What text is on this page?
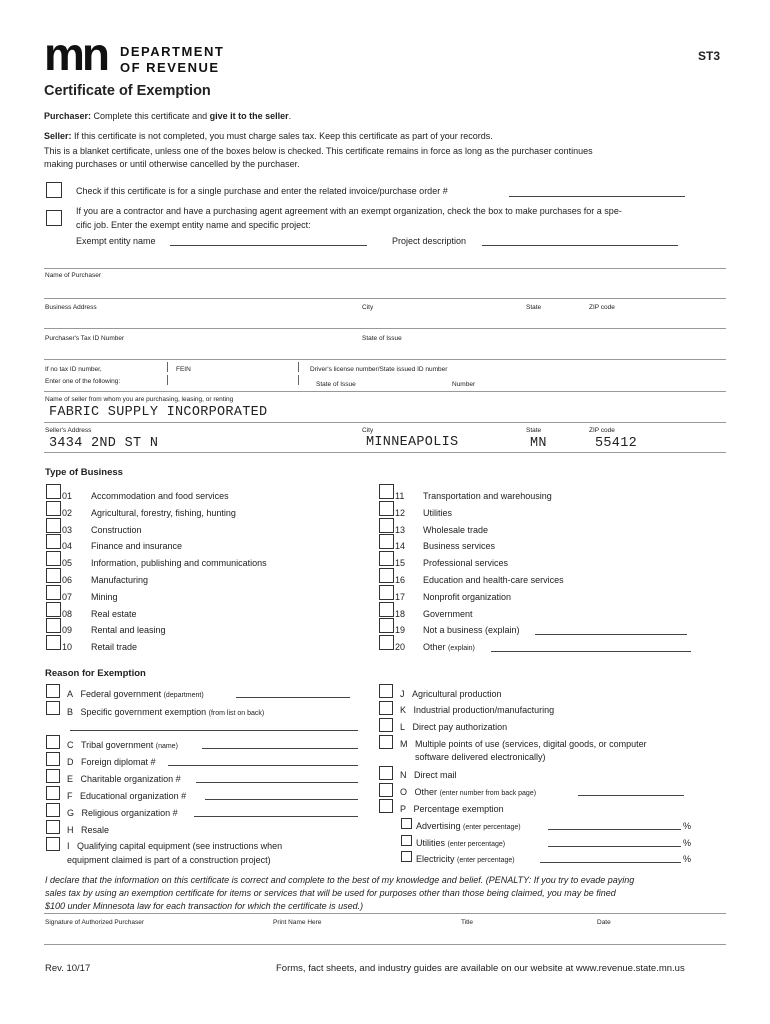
mn DEPARTMENT
OF REVENUE
ST3
Certificate of Exemption
Purchaser: Complete this certificate and give it to the seller.
Seller: If this certificate is not completed, you must charge sales tax. Keep this certificate as part of your records.
This is a blanket certificate, unless one of the boxes below is checked. This certificate remains in force as long as the purchaser continues
making purchases or until otherwise cancelled by the purchaser.
Check if this certificate is for a single purchase and enter the related invoice/purchase order #
If you are a contractor and have a purchasing agent agreement with an exempt organization, check the box to make purchases for a spe-
cific job. Enter the exempt entity name and specific project:
Exempt entity name	Project description
Name of Purchaser
Business Address	City	State	ZIP code
Purchaser's Tax ID Number	State of Issue
If no tax ID number,
Enter one of the following:
FEIN	Driver's license number/State issued ID number
State of Issue	Number
Name of seller from whom you are purchasing, leasing, or renting
FABRIC SUPPLY INCORPORATED
Seller's Address	City	State	ZIP code
3434 2ND ST N	MINNEAPOLIS	MN	55412
Type of Business
01 Accommodation and food services
02 Agricultural, forestry, fishing, hunting
03 Construction
04 Finance and insurance
05 Information, publishing and communications
06 Manufacturing
07 Mining
08 Real estate
09 Rental and leasing
10 Retail trade
11 Transportation and warehousing
12 Utilities
13 Wholesale trade
14 Business services
15 Professional services
16 Education and health-care services
17 Nonprofit organization
18 Government
19 Not a business (explain)
20 Other (explain)
Reason for Exemption
A Federal government (department)
B Specific government exemption (from list on back)
C Tribal government (name)
D Foreign diplomat #
E Charitable organization #
F Educational organization #
G Religious organization #
H Resale
I Qualifying capital equipment (see instructions when
equipment claimed is part of a construction project)
J Agricultural production
K Industrial production/manufacturing
L Direct pay authorization
M Multiple points of use (services, digital goods, or computer
software delivered electronically)
N Direct mail
O Other (enter number from back page)
P Percentage exemption
Advertising (enter percentage)	%
Utilities (enter percentage)	%
Electricity (enter percentage)	%
I declare that the information on this certificate is correct and complete to the best of my knowledge and belief. (PENALTY: If you try to evade paying
sales tax by using an exemption certificate for items or services that will be used for purposes other than those being claimed, you may be fined
$100 under Minnesota law for each transaction for which the certificate is used.)
Signature of Authorized Purchaser	Print Name Here	Title	Date
Rev. 10/17	Forms, fact sheets, and industry guides are available on our website at www.revenue.state.mn.us
